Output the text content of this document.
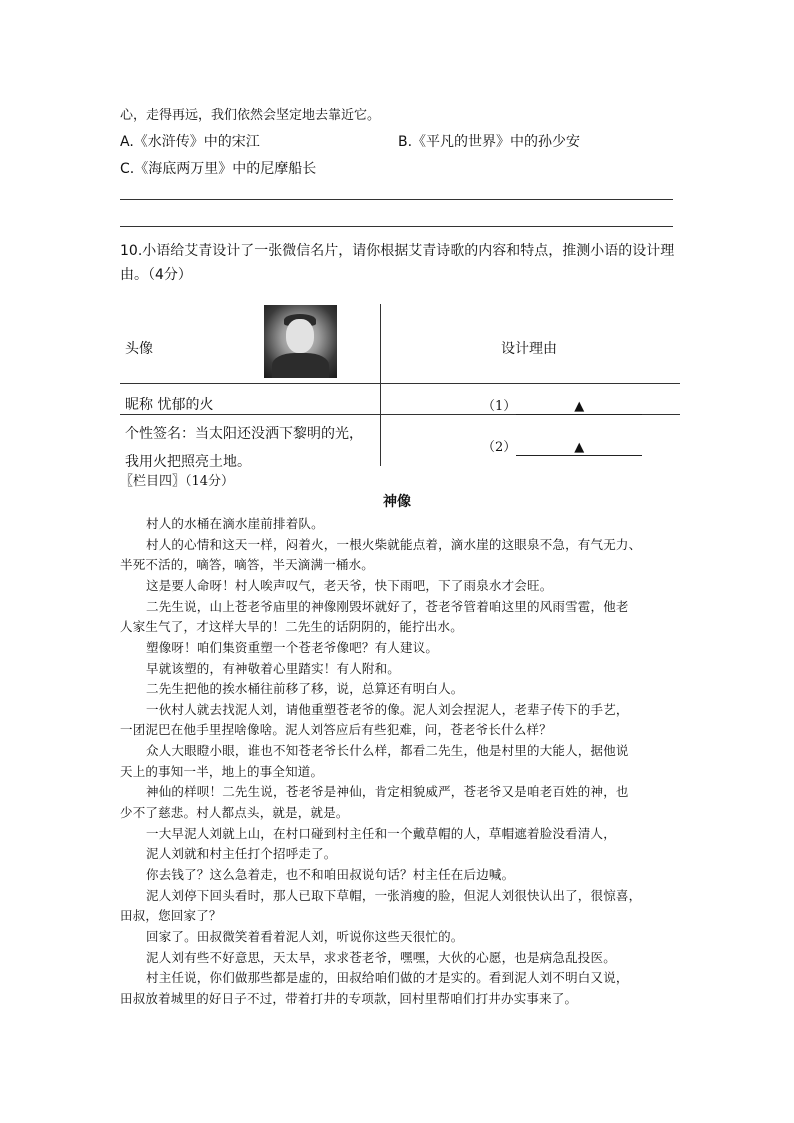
心，走得再远，我们依然会坚定地去靠近它。
A.《水浒传》中的宋江	B.《平凡的世界》中的孙少安
C.《海底两万里》中的尼摩船长
10.小语给艾青设计了一张微信名片，请你根据艾青诗歌的内容和特点，推测小语的设计理
由。（4分）
头像	设计理由
昵称 忧郁的火	（1）	▲
个性签名：当太阳还没洒下黎明的光，
我用火把照亮土地。
（2）	▲
〖栏目四〗（14分）
神像
村人的水桶在滴水崖前排着队。
村人的心情和这天一样，闷着火，一根火柴就能点着，滴水崖的这眼泉不急，有气无力、
半死不活的，嘀答，嘀答，半天滴满一桶水。
这是要人命呀！村人唉声叹气，老天爷，快下雨吧，下了雨泉水才会旺。
二先生说，山上苍老爷庙里的神像刚毁坏就好了，苍老爷管着咱这里的风雨雪雹，他老
人家生气了，才这样大旱的！二先生的话阴阴的，能拧出水。
塑像呀！咱们集资重塑一个苍老爷像吧？有人建议。
早就该塑的，有神敬着心里踏实！有人附和。
二先生把他的挨水桶往前移了移，说，总算还有明白人。
一伙村人就去找泥人刘，请他重塑苍老爷的像。泥人刘会捏泥人，老辈子传下的手艺，
一团泥巴在他手里捏啥像啥。泥人刘答应后有些犯难，问，苍老爷长什么样？
众人大眼瞪小眼，谁也不知苍老爷长什么样，都看二先生，他是村里的大能人，据他说
天上的事知一半，地上的事全知道。
神仙的样呗！二先生说，苍老爷是神仙，肯定相貌威严，苍老爷又是咱老百姓的神，也
少不了慈悲。村人都点头，就是，就是。
一大早泥人刘就上山，在村口碰到村主任和一个戴草帽的人，草帽遮着脸没看清人，
泥人刘就和村主任打个招呼走了。
你去钱了？这么急着走，也不和咱田叔说句话？村主任在后边喊。
泥人刘停下回头看时，那人已取下草帽，一张消瘦的脸，但泥人刘很快认出了，很惊喜，
田叔，您回家了？
回家了。田叔微笑着看着泥人刘，听说你这些天很忙的。
泥人刘有些不好意思，天太旱，求求苍老爷，嘿嘿，大伙的心愿，也是病急乱投医。
村主任说，你们做那些都是虚的，田叔给咱们做的才是实的。看到泥人刘不明白又说，
田叔放着城里的好日子不过，带着打井的专项款，回村里帮咱们打井办实事来了。
